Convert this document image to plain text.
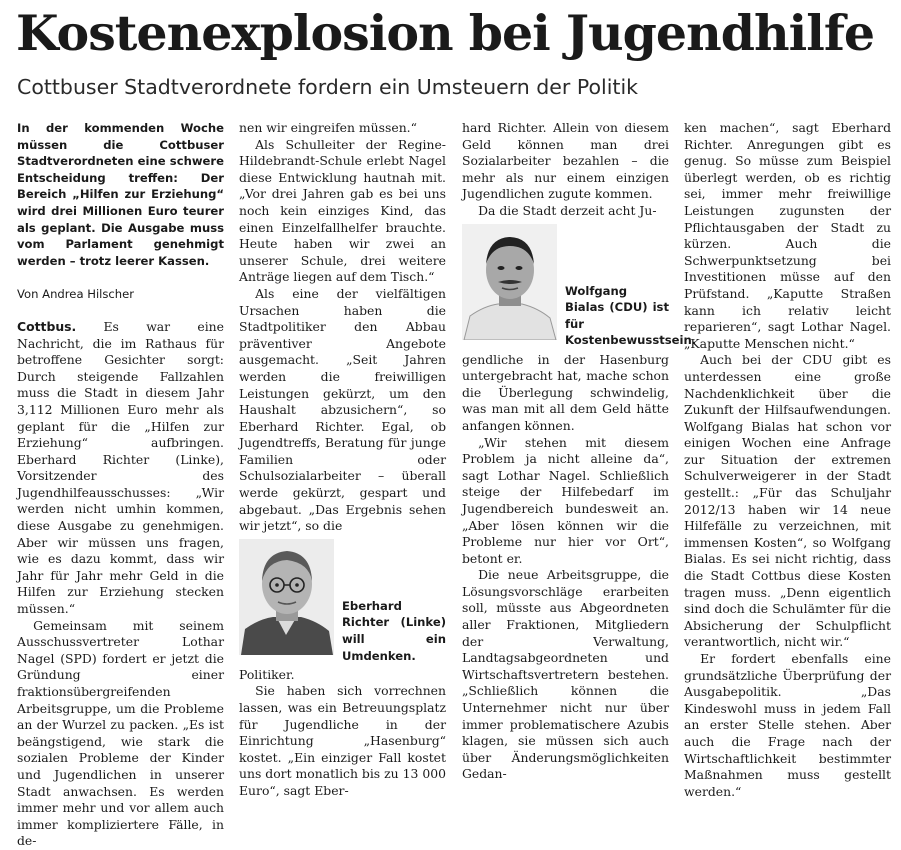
Kostenexplosion bei Jugendhilfe
Cottbuser Stadtverordnete fordern ein Umsteuern der Politik
In der kommenden Woche müssen die Cottbuser Stadtverordneten eine schwere Entscheidung treffen: Der Bereich „Hilfen zur Erziehung“ wird drei Millionen Euro teurer als geplant. Die Ausgabe muss vom Parlament genehmigt werden – trotz leerer Kassen.
Von Andrea Hilscher

Cottbus. Es war eine Nachricht, die im Rathaus für betroffene Gesichter sorgt: Durch steigende Fallzahlen muss die Stadt in diesem Jahr 3,112 Millionen Euro mehr als geplant für die „Hilfen zur Erziehung“ aufbringen. Eberhard Richter (Linke), Vorsitzender des Jugendhilfeausschusses: „Wir werden nicht umhin kommen, diese Ausgabe zu genehmigen. Aber wir müssen uns fragen, wie es dazu kommt, dass wir Jahr für Jahr mehr Geld in die Hilfen zur Erziehung stecken müssen.“

Gemeinsam mit seinem Ausschussvertreter Lothar Nagel (SPD) fordert er jetzt die Gründung einer fraktionsübergreifenden Arbeitsgruppe, um die Probleme an der Wurzel zu packen. „Es ist beängstigend, wie stark die sozialen Probleme der Kinder und Jugendlichen in unserer Stadt anwachsen. Es werden immer mehr und vor allem auch immer kompliziertere Fälle, in de-

nen wir eingreifen müssen.“

Als Schulleiter der Regine-Hildebrandt-Schule erlebt Nagel diese Entwicklung hautnah mit. „Vor drei Jahren gab es bei uns noch kein einziges Kind, das einen Einzelfallhelfer brauchte. Heute haben wir zwei an unserer Schule, drei weitere Anträge liegen auf dem Tisch.“

Als eine der vielfältigen Ursachen haben die Stadtpolitiker den Abbau präventiver Angebote ausgemacht. „Seit Jahren werden die freiwilligen Leistungen gekürzt, um den Haushalt abzusichern“, so Eberhard Richter. Egal, ob Jugendtreffs, Beratung für junge Familien oder Schulsozialarbeiter – überall werde gekürzt, gespart und abgebaut. „Das Ergebnis sehen wir jetzt“, so die

Eberhard Richter (Linke) will ein Umdenken.

Politiker.

Sie haben sich vorrechnen lassen, was ein Betreuungsplatz für Jugendliche in der Einrichtung „Hasenburg“ kostet. „Ein einziger Fall kostet uns dort monatlich bis zu 13 000 Euro“, sagt Eber-

hard Richter. Allein von diesem Geld können man drei Sozialarbeiter bezahlen – die mehr als nur einem einzigen Jugendlichen zugute kommen.

Da die Stadt derzeit acht Ju-

Wolfgang Bialas (CDU) ist für Kostenbewusstsein.

gendliche in der Hasenburg untergebracht hat, mache schon die Überlegung schwindelig, was man mit all dem Geld hätte anfangen können.

„Wir stehen mit diesem Problem ja nicht alleine da“, sagt Lothar Nagel. Schließlich steige der Hilfebedarf im Jugendbereich bundesweit an. „Aber lösen können wir die Probleme nur hier vor Ort“, betont er.

Die neue Arbeitsgruppe, die Lösungsvorschläge erarbeiten soll, müsste aus Abgeordneten aller Fraktionen, Mitgliedern der Verwaltung, Landtagsabgeordneten und Wirtschaftsvertretern bestehen. „Schließlich können die Unternehmer nicht nur über immer problematischere Azubis klagen, sie müssen sich auch über Änderungsmöglichkeiten Gedan-

ken machen“, sagt Eberhard Richter. Anregungen gibt es genug. So müsse zum Beispiel überlegt werden, ob es richtig sei, immer mehr freiwillige Leistungen zugunsten der Pflichtausgaben der Stadt zu kürzen. Auch die Schwerpunktsetzung bei Investitionen müsse auf den Prüfstand. „Kaputte Straßen kann ich relativ leicht reparieren“, sagt Lothar Nagel. „Kaputte Menschen nicht.“

Auch bei der CDU gibt es unterdessen eine große Nachdenklichkeit über die Zukunft der Hilfsaufwendungen. Wolfgang Bialas hat schon vor einigen Wochen eine Anfrage zur Situation der extremen Schulverweigerer in der Stadt gestellt.: „Für das Schuljahr 2012/13 haben wir 14 neue Hilfefälle zu verzeichnen, mit immensen Kosten“, so Wolfgang Bialas. Es sei nicht richtig, dass die Stadt Cottbus diese Kosten tragen muss. „Denn eigentlich sind doch die Schulämter für die Absicherung der Schulpflicht verantwortlich, nicht wir.“

Er fordert ebenfalls eine grundsätzliche Überprüfung der Ausgabepolitik. „Das Kindeswohl muss in jedem Fall an erster Stelle stehen. Aber auch die Frage nach der Wirtschaftlichkeit bestimmter Maßnahmen muss gestellt werden.“
